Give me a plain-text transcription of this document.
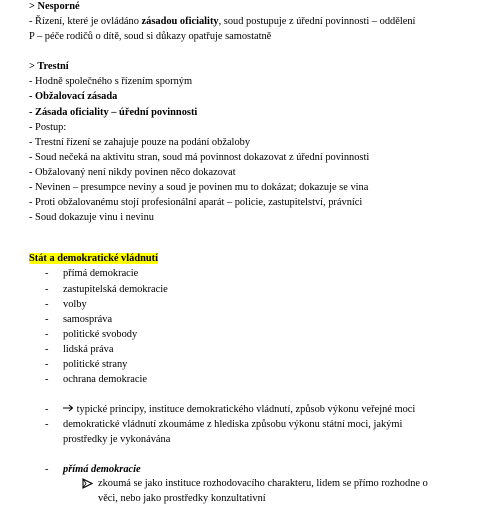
> Nesporné
- Řízení, které je ovládáno zásadou oficiality, soud postupuje z úřední povinnosti – oddělení
P – péče rodičů o dítě, soud si důkazy opatřuje samostatně
> Trestní
- Hodně společného s řízením sporným
- Obžalovací zásada
- Zásada oficiality – úřední povinnosti
- Postup:
- Trestní řízení se zahajuje pouze na podání obžaloby
- Soud nečeká na aktivitu stran, soud má povinnost dokazovat z úřední povinnosti
- Obžalovaný není nikdy povinen něco dokazovat
- Nevinen – presumpce neviny a soud je povinen mu to dokázat; dokazuje se vina
- Proti obžalovanému stojí profesionální aparát – policie, zastupitelství, právníci
- Soud dokazuje vinu i nevinu
Stát a demokratické vládnutí
- přímá demokracie
- zastupitelská demokracie
- volby
- samospráva
- politické svobody
- lidská práva
- politické strany
- ochrana demokracie
-	typické principy, instituce demokratického vládnutí, způsob výkonu veřejné moci
- demokratické vládnutí zkoumáme z hlediska způsobu výkonu státní moci, jakými
prostředky je vykonávána
- přímá demokracie
zkoumá se jako instituce rozhodovacího charakteru, lidem se přímo rozhodne o
věci, nebo jako prostředky konzultativní
